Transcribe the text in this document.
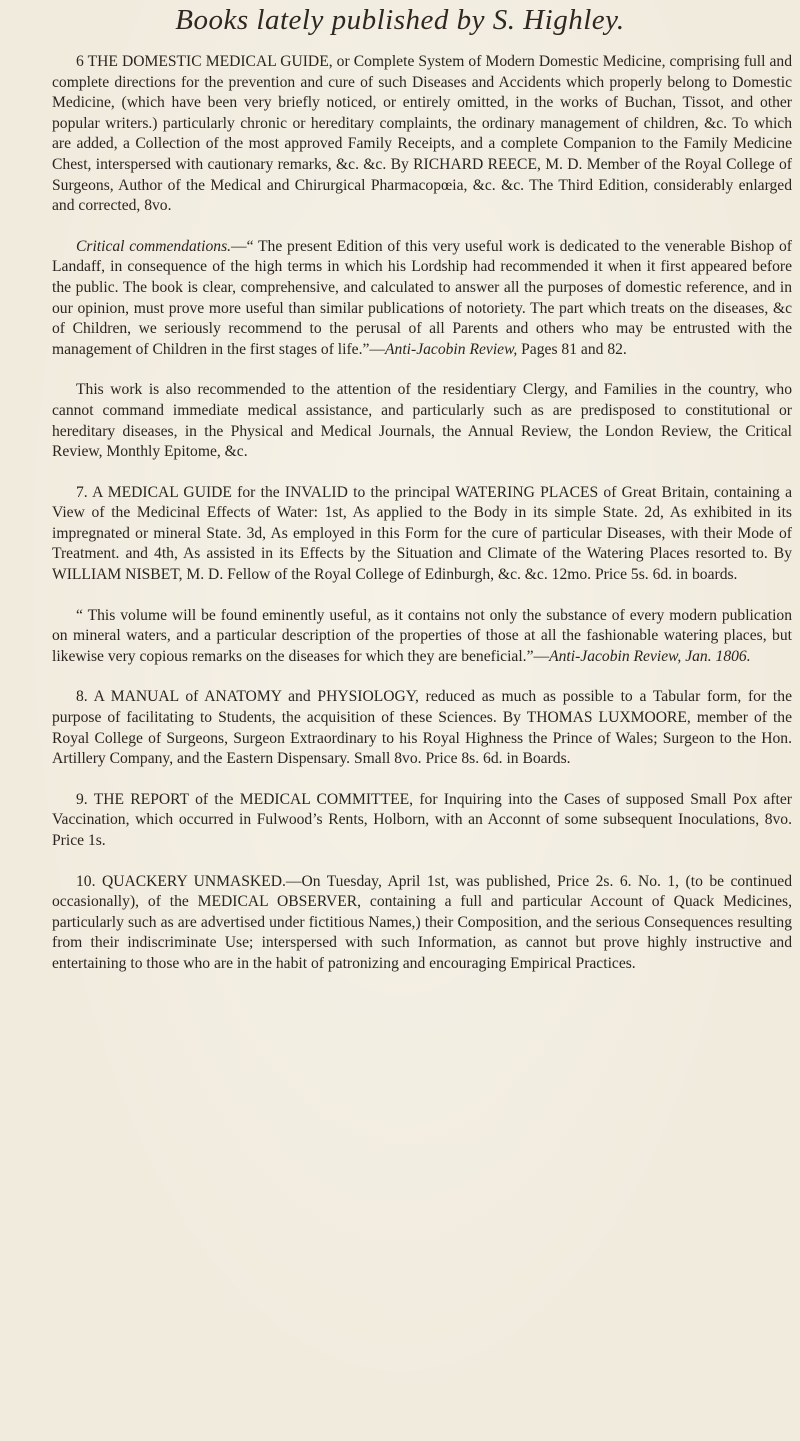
Books lately published by S. Highley.

6 THE DOMESTIC MEDICAL GUIDE, or Complete System of Modern Domestic Medicine, comprising full and complete directions for the prevention and cure of such Diseases and Accidents which properly belong to Domestic Medicine, (which have been very briefly noticed, or entirely omitted, in the works of Buchan, Tissot, and other popular writers.) particularly chronic or hereditary complaints, the ordinary management of children, &c. To which are added, a Collection of the most approved Family Receipts, and a complete Companion to the Family Medicine Chest, interspersed with cautionary remarks, &c. &c. By RICHARD REECE, M. D. Member of the Royal College of Surgeons, Author of the Medical and Chirurgical Pharmacopœia, &c. &c. The Third Edition, considerably enlarged and corrected, 8vo.

Critical commendations.—“ The present Edition of this very useful work is dedicated to the venerable Bishop of Landaff, in consequence of the high terms in which his Lordship had recommended it when it first appeared before the public. The book is clear, comprehensive, and calculated to answer all the purposes of domestic reference, and in our opinion, must prove more useful than similar publications of notoriety. The part which treats on the diseases, &c of Children, we seriously recommend to the perusal of all Parents and others who may be entrusted with the management of Children in the first stages of life.”—Anti-Jacobin Review, Pages 81 and 82.

This work is also recommended to the attention of the residentiary Clergy, and Families in the country, who cannot command immediate medical assistance, and particularly such as are predisposed to constitutional or hereditary diseases, in the Physical and Medical Journals, the Annual Review, the London Review, the Critical Review, Monthly Epitome, &c.

7. A MEDICAL GUIDE for the INVALID to the principal WATERING PLACES of Great Britain, containing a View of the Medicinal Effects of Water: 1st, As applied to the Body in its simple State. 2d, As exhibited in its impregnated or mineral State. 3d, As employed in this Form for the cure of particular Diseases, with their Mode of Treatment. and 4th, As assisted in its Effects by the Situation and Climate of the Watering Places resorted to. By WILLIAM NISBET, M. D. Fellow of the Royal College of Edinburgh, &c. &c. 12mo. Price 5s. 6d. in boards.

“ This volume will be found eminently useful, as it contains not only the substance of every modern publication on mineral waters, and a particular description of the properties of those at all the fashionable watering places, but likewise very copious remarks on the diseases for which they are beneficial.”—Anti-Jacobin Review, Jan. 1806.

8. A MANUAL of ANATOMY and PHYSIOLOGY, reduced as much as possible to a Tabular form, for the purpose of facilitating to Students, the acquisition of these Sciences. By THOMAS LUXMOORE, member of the Royal College of Surgeons, Surgeon Extraordinary to his Royal Highness the Prince of Wales; Surgeon to the Hon. Artillery Company, and the Eastern Dispensary. Small 8vo. Price 8s. 6d. in Boards.

9. THE REPORT of the MEDICAL COMMITTEE, for Inquiring into the Cases of supposed Small Pox after Vaccination, which occurred in Fulwood’s Rents, Holborn, with an Acconnt of some subsequent Inoculations, 8vo. Price 1s.

10. QUACKERY UNMASKED.—On Tuesday, April 1st, was published, Price 2s. 6. No. 1, (to be continued occasionally), of the MEDICAL OBSERVER, containing a full and particular Account of Quack Medicines, particularly such as are advertised under fictitious Names,) their Composition, and the serious Consequences resulting from their indiscriminate Use; interspersed with such Information, as cannot but prove highly instructive and entertaining to those who are in the habit of patronizing and encouraging Empirical Practices.
